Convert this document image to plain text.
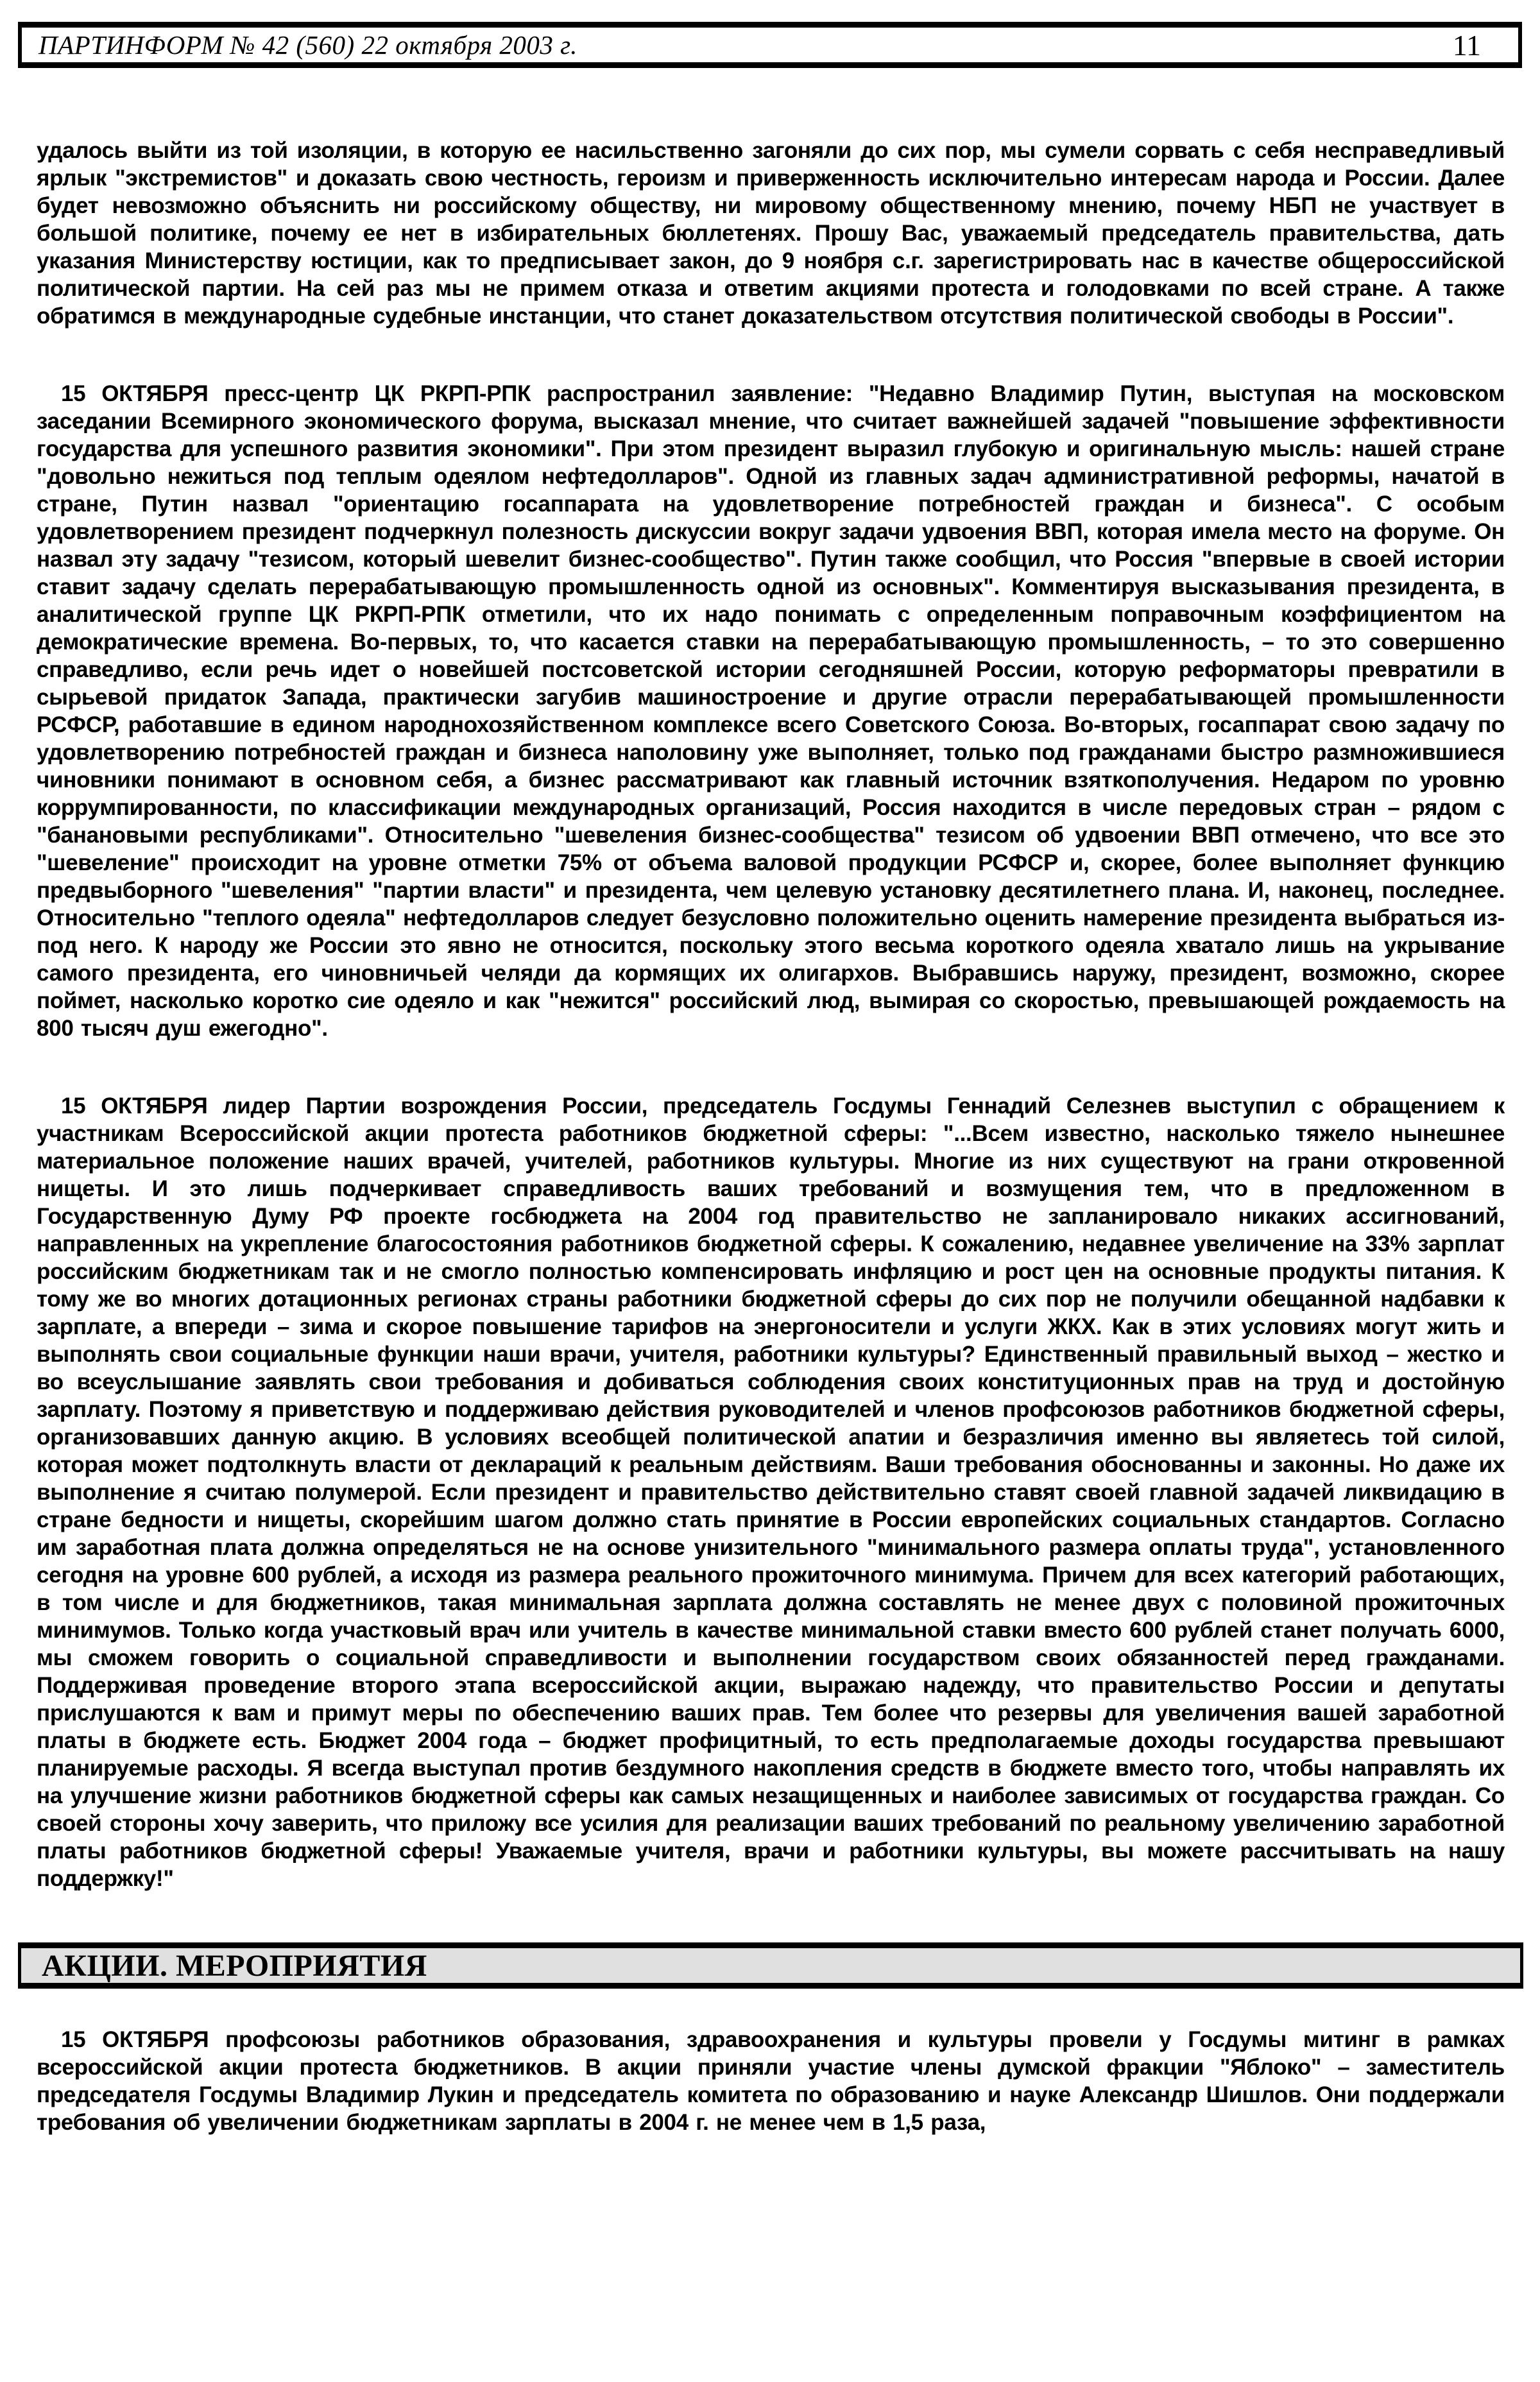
ПАРТИНФОРМ № 42 (560) 22 октября 2003 г.	11

удалось выйти из той изоляции, в которую ее насильственно загоняли до сих пор, мы сумели сорвать с себя несправедливый ярлык "экстремистов" и доказать свою честность, героизм и приверженность исключительно интересам народа и России. Далее будет невозможно объяснить ни российскому обществу, ни мировому общественному мнению, почему НБП не участвует в большой политике, почему ее нет в избирательных бюллетенях. Прошу Вас, уважаемый председатель правительства, дать указания Министерству юстиции, как то предписывает закон, до 9 ноября с.г. зарегистрировать нас в качестве общероссийской политической партии. На сей раз мы не примем отказа и ответим акциями протеста и голодовками по всей стране. А также обратимся в международные судебные инстанции, что станет доказательством отсутствия политической свободы в России".

15 ОКТЯБРЯ пресс-центр ЦК РКРП-РПК распространил заявление: "Недавно Владимир Путин, выступая на московском заседании Всемирного экономического форума, высказал мнение, что считает важнейшей задачей "повышение эффективности государства для успешного развития экономики". При этом президент выразил глубокую и оригинальную мысль: нашей стране "довольно нежиться под теплым одеялом нефтедолларов". Одной из главных задач административной реформы, начатой в стране, Путин назвал "ориентацию госаппарата на удовлетворение потребностей граждан и бизнеса". С особым удовлетворением президент подчеркнул полезность дискуссии вокруг задачи удвоения ВВП, которая имела место на форуме. Он назвал эту задачу "тезисом, который шевелит бизнес-сообщество". Путин также сообщил, что Россия "впервые в своей истории ставит задачу сделать перерабатывающую промышленность одной из основных". Комментируя высказывания президента, в аналитической группе ЦК РКРП-РПК отметили, что их надо понимать с определенным поправочным коэффициентом на демократические времена. Во-первых, то, что касается ставки на перерабатывающую промышленность, – то это совершенно справедливо, если речь идет о новейшей постсоветской истории сегодняшней России, которую реформаторы превратили в сырьевой придаток Запада, практически загубив машиностроение и другие отрасли перерабатывающей промышленности РСФСР, работавшие в едином народнохозяйственном комплексе всего Советского Союза. Во-вторых, госаппарат свою задачу по удовлетворению потребностей граждан и бизнеса наполовину уже выполняет, только под гражданами быстро размножившиеся чиновники понимают в основном себя, а бизнес рассматривают как главный источник взяткополучения. Недаром по уровню коррумпированности, по классификации международных организаций, Россия находится в числе передовых стран – рядом с "банановыми республиками". Относительно "шевеления бизнес-сообщества" тезисом об удвоении ВВП отмечено, что все это "шевеление" происходит на уровне отметки 75% от объема валовой продукции РСФСР и, скорее, более выполняет функцию предвыборного "шевеления" "партии власти" и президента, чем целевую установку десятилетнего плана. И, наконец, последнее. Относительно "теплого одеяла" нефтедолларов следует безусловно положительно оценить намерение президента выбраться из-под него. К народу же России это явно не относится, поскольку этого весьма короткого одеяла хватало лишь на укрывание самого президента, его чиновничьей челяди да кормящих их олигархов. Выбравшись наружу, президент, возможно, скорее поймет, насколько коротко сие одеяло и как "нежится" российский люд, вымирая со скоростью, превышающей рождаемость на 800 тысяч душ ежегодно".

15 ОКТЯБРЯ лидер Партии возрождения России, председатель Госдумы Геннадий Селезнев выступил с обращением к участникам Всероссийской акции протеста работников бюджетной сферы: "...Всем известно, насколько тяжело нынешнее материальное положение наших врачей, учителей, работников культуры. Многие из них существуют на грани откровенной нищеты. И это лишь подчеркивает справедливость ваших требований и возмущения тем, что в предложенном в Государственную Думу РФ проекте госбюджета на 2004 год правительство не запланировало никаких ассигнований, направленных на укрепление благосостояния работников бюджетной сферы. К сожалению, недавнее увеличение на 33% зарплат российским бюджетникам так и не смогло полностью компенсировать инфляцию и рост цен на основные продукты питания. К тому же во многих дотационных регионах страны работники бюджетной сферы до сих пор не получили обещанной надбавки к зарплате, а впереди – зима и скорое повышение тарифов на энергоносители и услуги ЖКХ. Как в этих условиях могут жить и выполнять свои социальные функции наши врачи, учителя, работники культуры? Единственный правильный выход – жестко и во всеуслышание заявлять свои требования и добиваться соблюдения своих конституционных прав на труд и достойную зарплату. Поэтому я приветствую и поддерживаю действия руководителей и членов профсоюзов работников бюджетной сферы, организовавших данную акцию. В условиях всеобщей политической апатии и безразличия именно вы являетесь той силой, которая может подтолкнуть власти от деклараций к реальным действиям. Ваши требования обоснованны и законны. Но даже их выполнение я считаю полумерой. Если президент и правительство действительно ставят своей главной задачей ликвидацию в стране бедности и нищеты, скорейшим шагом должно стать принятие в России европейских социальных стандартов. Согласно им заработная плата должна определяться не на основе унизительного "минимального размера оплаты труда", установленного сегодня на уровне 600 рублей, а исходя из размера реального прожиточного минимума. Причем для всех категорий работающих, в том числе и для бюджетников, такая минимальная зарплата должна составлять не менее двух с половиной прожиточных минимумов. Только когда участковый врач или учитель в качестве минимальной ставки вместо 600 рублей станет получать 6000, мы сможем говорить о социальной справедливости и выполнении государством своих обязанностей перед гражданами. Поддерживая проведение второго этапа всероссийской акции, выражаю надежду, что правительство России и депутаты прислушаются к вам и примут меры по обеспечению ваших прав. Тем более что резервы для увеличения вашей заработной платы в бюджете есть. Бюджет 2004 года – бюджет профицитный, то есть предполагаемые доходы государства превышают планируемые расходы. Я всегда выступал против бездумного накопления средств в бюджете вместо того, чтобы направлять их на улучшение жизни работников бюджетной сферы как самых незащищенных и наиболее зависимых от государства граждан. Со своей стороны хочу заверить, что приложу все усилия для реализации ваших требований по реальному увеличению заработной платы работников бюджетной сферы! Уважаемые учителя, врачи и работники культуры, вы можете рассчитывать на нашу поддержку!"

АКЦИИ. МЕРОПРИЯТИЯ

15 ОКТЯБРЯ профсоюзы работников образования, здравоохранения и культуры провели у Госдумы митинг в рамках всероссийской акции протеста бюджетников. В акции приняли участие члены думской фракции "Яблоко" – заместитель председателя Госдумы Владимир Лукин и председатель комитета по образованию и науке Александр Шишлов. Они поддержали требования об увеличении бюджетникам зарплаты в 2004 г. не менее чем в 1,5 раза,
